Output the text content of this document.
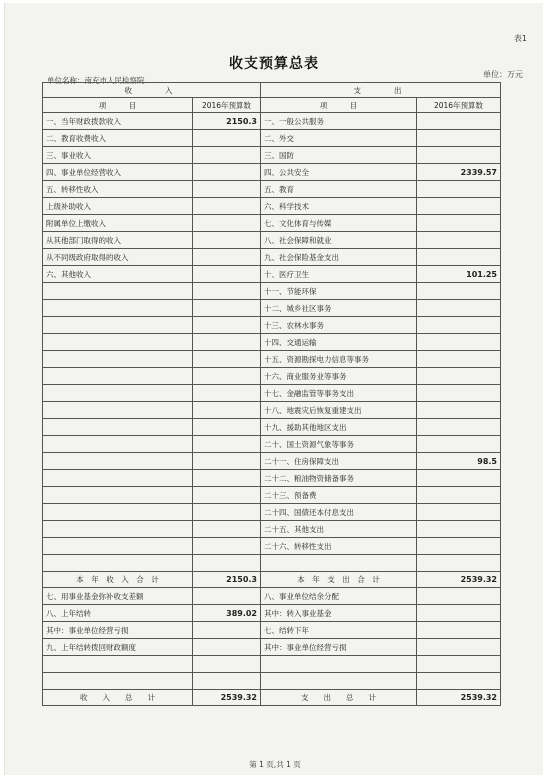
表1
收支预算总表
单位名称：南充市人民检察院
单位：万元
收　　入		支　　出	
项　　　目	2016年预算数	项　　　目	2016年预算数
一、当年财政拨款收入	2150.3	一、一般公共服务	
二、教育收费收入		二、外交	
三、事业收入		三、国防	
四、事业单位经营收入		四、公共安全	2339.57
五、转移性收入		五、教育	
上级补助收入		六、科学技术	
附属单位上缴收入		七、文化体育与传媒	
从其他部门取得的收入		八、社会保障和就业	
从不同级政府取得的收入		九、社会保险基金支出	
六、其他收入		十、医疗卫生	101.25
		十一、节能环保	
		十二、城乡社区事务	
		十三、农林水事务	
		十四、交通运输	
		十五、资源勘探电力信息等事务	
		十六、商业服务业等事务	
		十七、金融监管等事务支出	
		十八、地震灾后恢复重建支出	
		十九、援助其他地区支出	
		二十、国土资源气象等事务	
		二十一、住房保障支出	98.5
		二十二、粮油物资储备事务	
		二十三、预备费	
		二十四、国债还本付息支出	
		二十五、其他支出	
		二十六、转移性支出	

本　年　收　入　合　计	2150.3	本　年　支　出　合　计	2539.32
七、用事业基金弥补收支差额		八、事业单位结余分配	
八、上年结转	389.02	其中：转入事业基金	
其中：事业单位经营亏损		七、结转下年	
九、上年结转拨回财政额度		其中：事业单位经营亏损	

收　　入　　总　　计	2539.32	支　　出　　总　　计	2539.32
第 1 页,共 1 页
